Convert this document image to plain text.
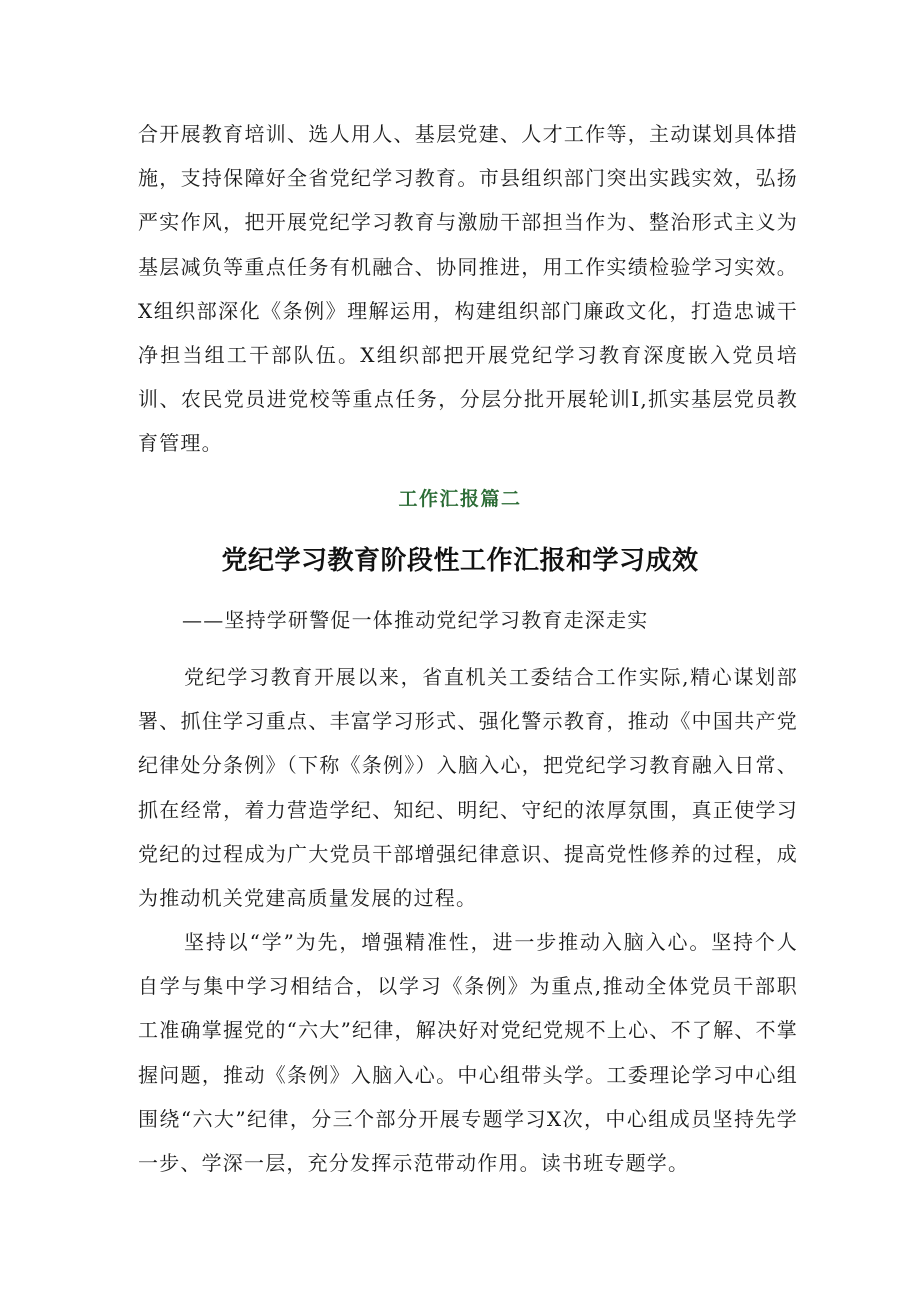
合开展教育培训、选人用人、基层党建、人才工作等，主动谋划具体措施，支持保障好全省党纪学习教育。市县组织部门突出实践实效，弘扬严实作风，把开展党纪学习教育与激励干部担当作为、整治形式主义为基层减负等重点任务有机融合、协同推进，用工作实绩检验学习实效。X组织部深化《条例》理解运用，构建组织部门廉政文化，打造忠诚干净担当组工干部队伍。X组织部把开展党纪学习教育深度嵌入党员培训、农民党员进党校等重点任务，分层分批开展轮训I,抓实基层党员教育管理。

工作汇报篇二

党纪学习教育阶段性工作汇报和学习成效

——坚持学研警促一体推动党纪学习教育走深走实

党纪学习教育开展以来，省直机关工委结合工作实际,精心谋划部署、抓住学习重点、丰富学习形式、强化警示教育，推动《中国共产党纪律处分条例》（下称《条例》）入脑入心，把党纪学习教育融入日常、抓在经常，着力营造学纪、知纪、明纪、守纪的浓厚氛围，真正使学习党纪的过程成为广大党员干部增强纪律意识、提高党性修养的过程，成为推动机关党建高质量发展的过程。

坚持以“学”为先，增强精准性，进一步推动入脑入心。坚持个人自学与集中学习相结合，以学习《条例》为重点,推动全体党员干部职工准确掌握党的“六大”纪律，解决好对党纪党规不上心、不了解、不掌握问题，推动《条例》入脑入心。中心组带头学。工委理论学习中心组围绕“六大”纪律，分三个部分开展专题学习X次，中心组成员坚持先学一步、学深一层，充分发挥示范带动作用。读书班专题学。
